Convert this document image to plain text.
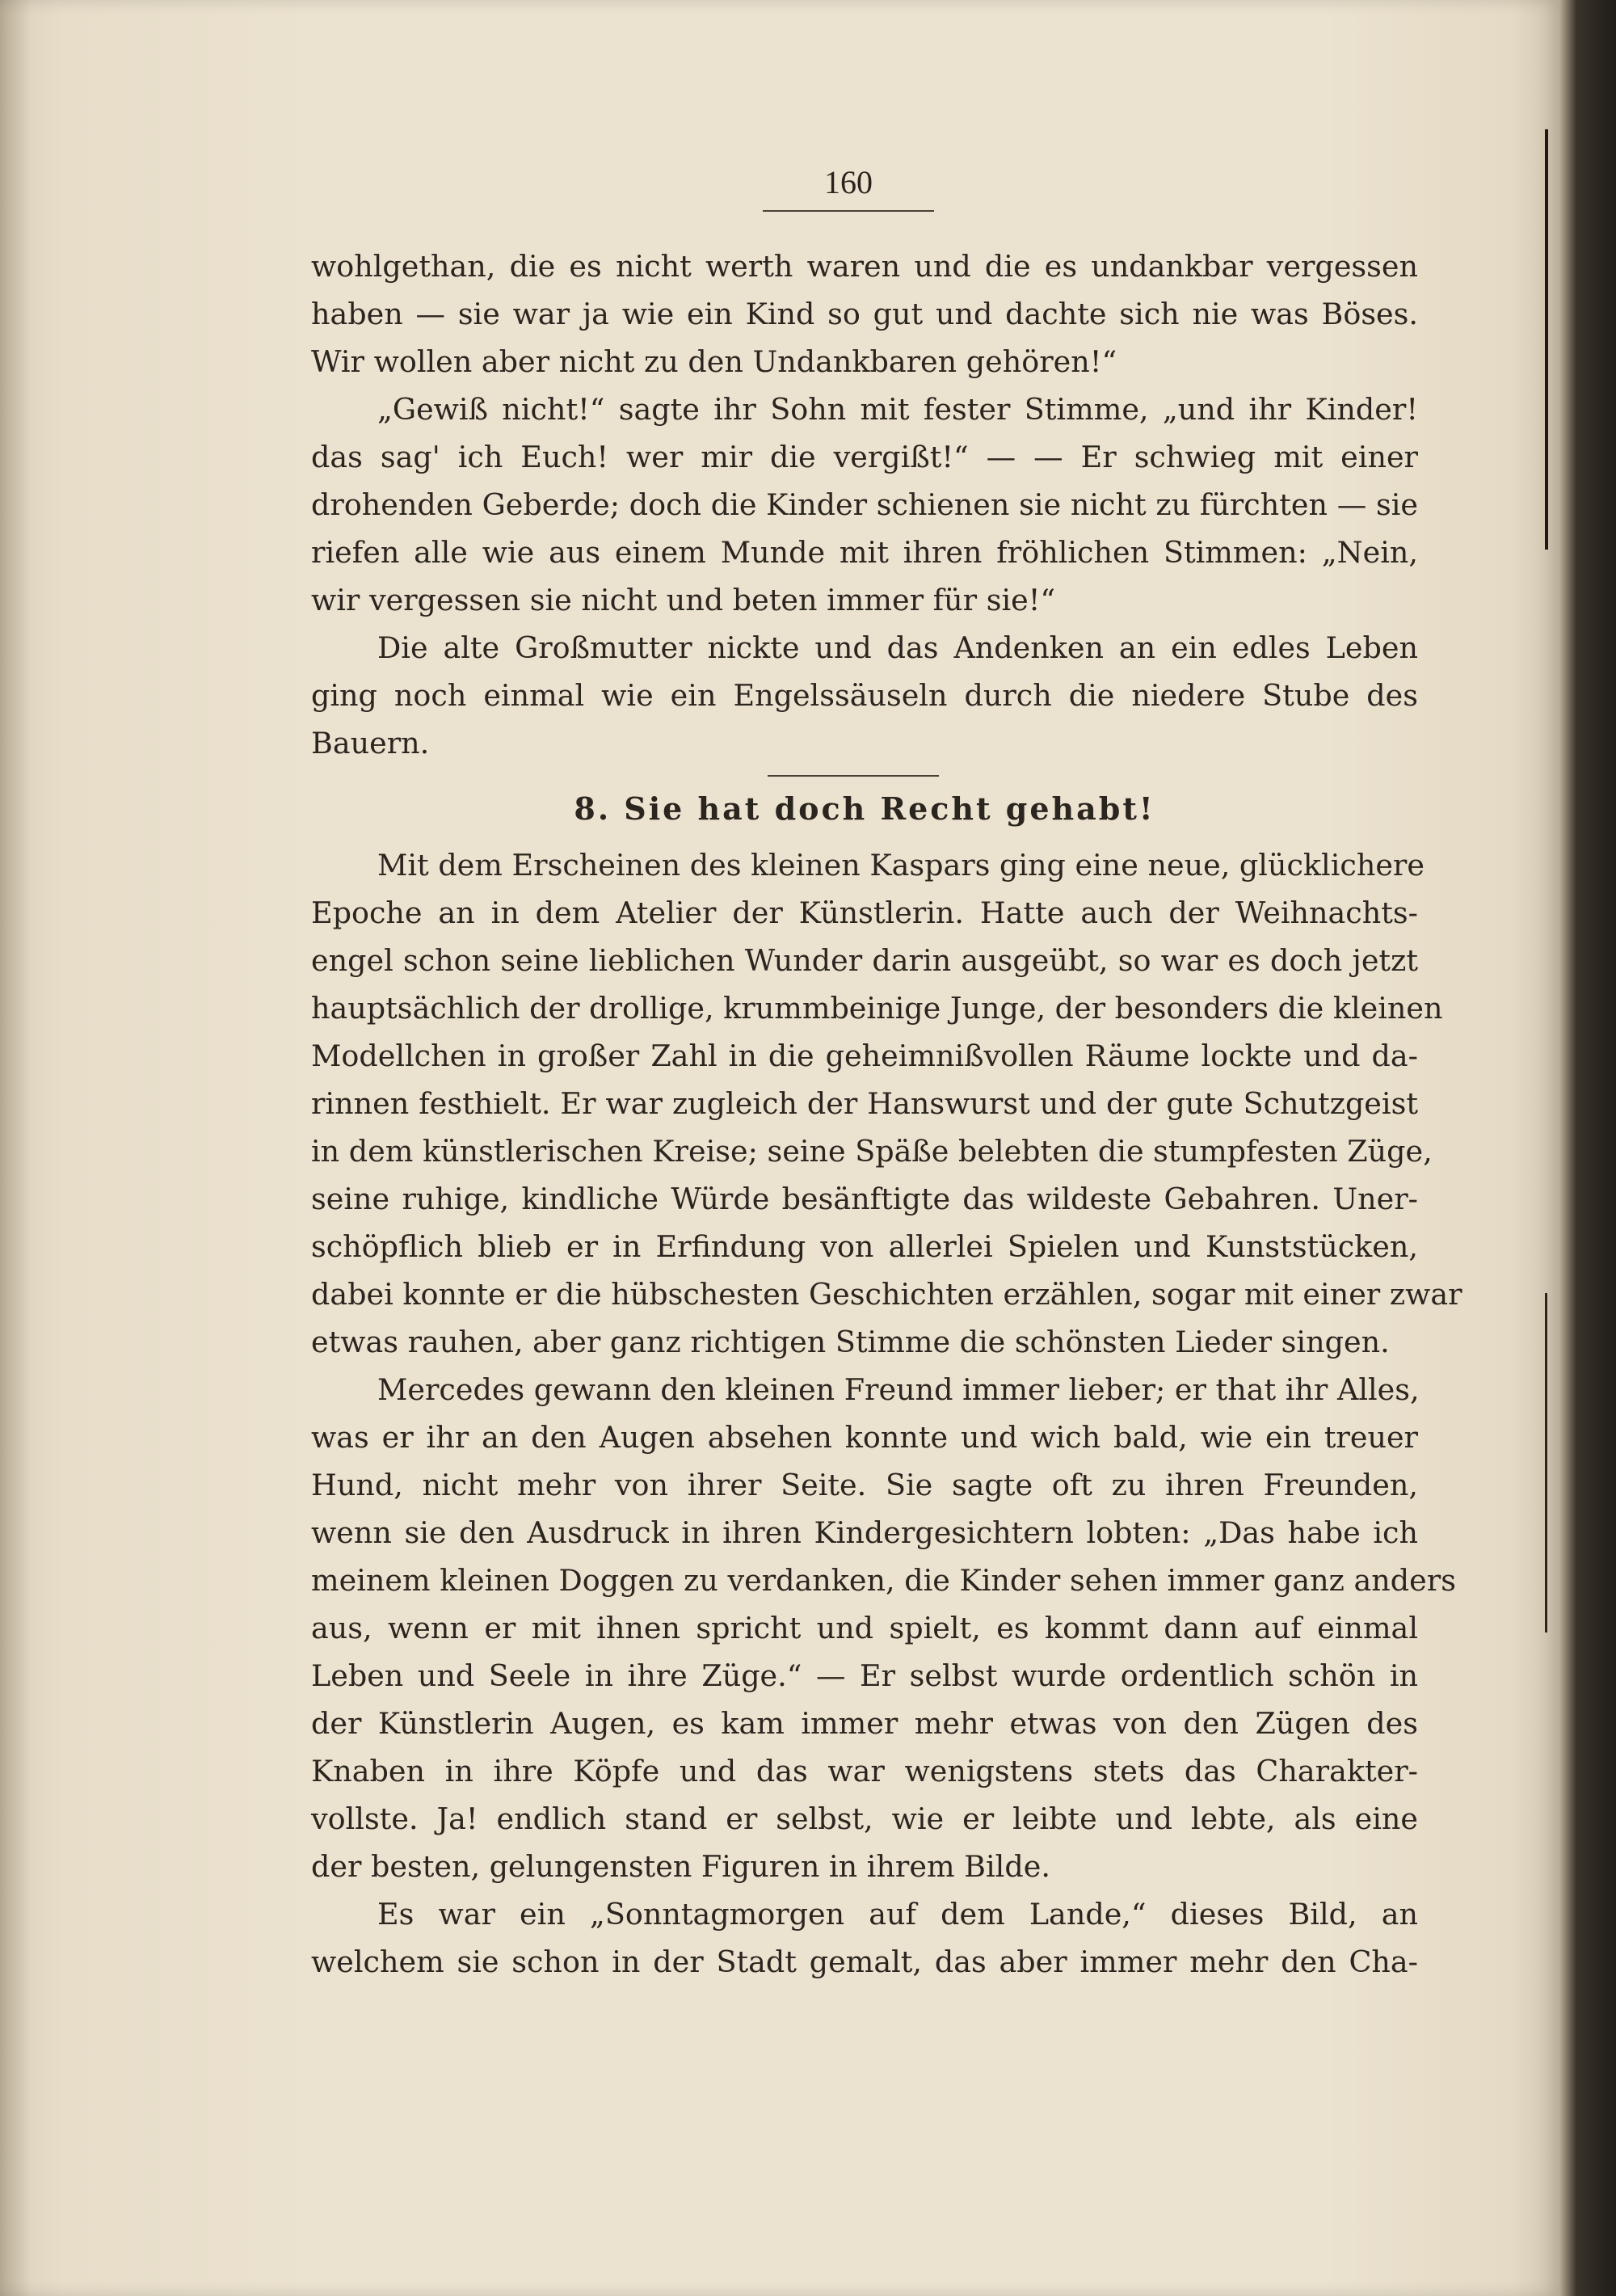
160
wohlgethan, die es nicht werth waren und die es undankbar vergessen
haben — sie war ja wie ein Kind so gut und dachte sich nie was Böses.
Wir wollen aber nicht zu den Undankbaren gehören!“
„Gewiß nicht!“ sagte ihr Sohn mit fester Stimme, „und ihr Kinder!
das sag' ich Euch! wer mir die vergißt!“ — — Er schwieg mit einer
drohenden Geberde; doch die Kinder schienen sie nicht zu fürchten — sie
riefen alle wie aus einem Munde mit ihren fröhlichen Stimmen: „Nein,
wir vergessen sie nicht und beten immer für sie!“
Die alte Großmutter nickte und das Andenken an ein edles Leben
ging noch einmal wie ein Engelssäuseln durch die niedere Stube des
Bauern.
8. Sie hat doch Recht gehabt!
Mit dem Erscheinen des kleinen Kaspars ging eine neue, glücklichere
Epoche an in dem Atelier der Künstlerin. Hatte auch der Weihnachts-
engel schon seine lieblichen Wunder darin ausgeübt, so war es doch jetzt
hauptsächlich der drollige, krummbeinige Junge, der besonders die kleinen
Modellchen in großer Zahl in die geheimnißvollen Räume lockte und da-
rinnen festhielt. Er war zugleich der Hanswurst und der gute Schutzgeist
in dem künstlerischen Kreise; seine Späße belebten die stumpfesten Züge,
seine ruhige, kindliche Würde besänftigte das wildeste Gebahren. Uner-
schöpflich blieb er in Erfindung von allerlei Spielen und Kunststücken,
dabei konnte er die hübschesten Geschichten erzählen, sogar mit einer zwar
etwas rauhen, aber ganz richtigen Stimme die schönsten Lieder singen.
Mercedes gewann den kleinen Freund immer lieber; er that ihr Alles,
was er ihr an den Augen absehen konnte und wich bald, wie ein treuer
Hund, nicht mehr von ihrer Seite. Sie sagte oft zu ihren Freunden,
wenn sie den Ausdruck in ihren Kindergesichtern lobten: „Das habe ich
meinem kleinen Doggen zu verdanken, die Kinder sehen immer ganz anders
aus, wenn er mit ihnen spricht und spielt, es kommt dann auf einmal
Leben und Seele in ihre Züge.“ — Er selbst wurde ordentlich schön in
der Künstlerin Augen, es kam immer mehr etwas von den Zügen des
Knaben in ihre Köpfe und das war wenigstens stets das Charakter-
vollste. Ja! endlich stand er selbst, wie er leibte und lebte, als eine
der besten, gelungensten Figuren in ihrem Bilde.
Es war ein „Sonntagmorgen auf dem Lande,“ dieses Bild, an
welchem sie schon in der Stadt gemalt, das aber immer mehr den Cha-
